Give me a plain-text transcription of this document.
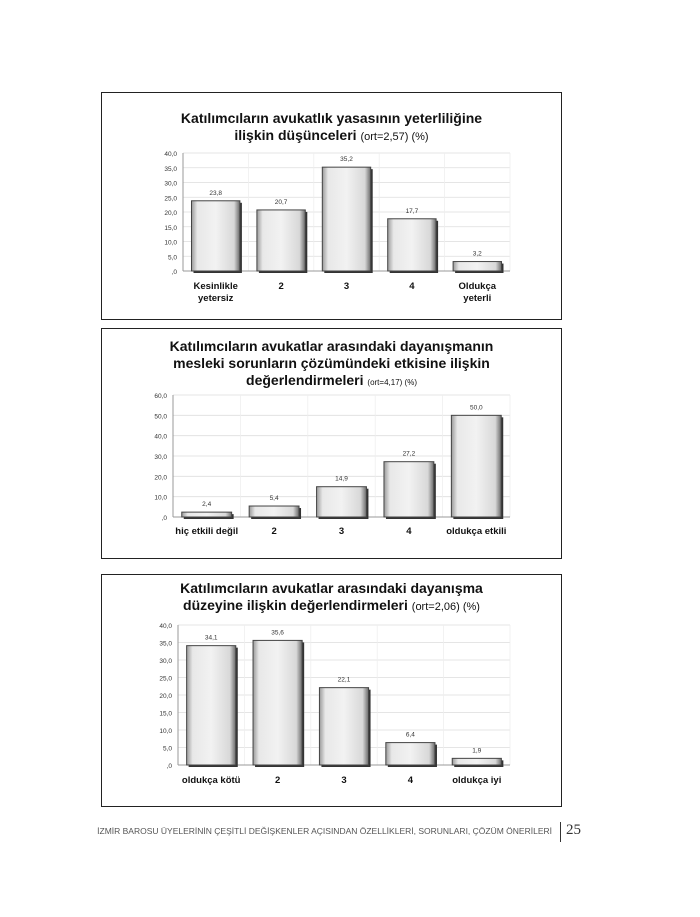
,0
5,0
10,0
15,0
20,0
25,0
30,0
35,0
40,0
23,8
Kesinlikle
yetersiz
20,7
2
35,2
3
17,7
4
3,2
Oldukça
yeterli
Katılımcıların avukatlık yasasının yeterliliğine
ilişkin düşünceleri (ort=2,57) (%)
,0
10,0
20,0
30,0
40,0
50,0
60,0
2,4
hiç etkili değil
5,4
2
14,9
3
27,2
4
50,0
oldukça etkili
Katılımcıların avukatlar arasındaki dayanışmanın
mesleki sorunların çözümündeki etkisine ilişkin
değerlendirmeleri (ort=4,17) (%)
,0
5,0
10,0
15,0
20,0
25,0
30,0
35,0
40,0
34,1
oldukça kötü
35,6
2
22,1
3
6,4
4
1,9
oldukça iyi
Katılımcıların avukatlar arasındaki dayanışma
düzeyine ilişkin değerlendirmeleri (ort=2,06) (%)
İZMİR BAROSU ÜYELERİNİN ÇEŞİTLİ DEĞİŞKENLER AÇISINDAN ÖZELLİKLERİ, SORUNLARI, ÇÖZÜM ÖNERİLERİ 25
